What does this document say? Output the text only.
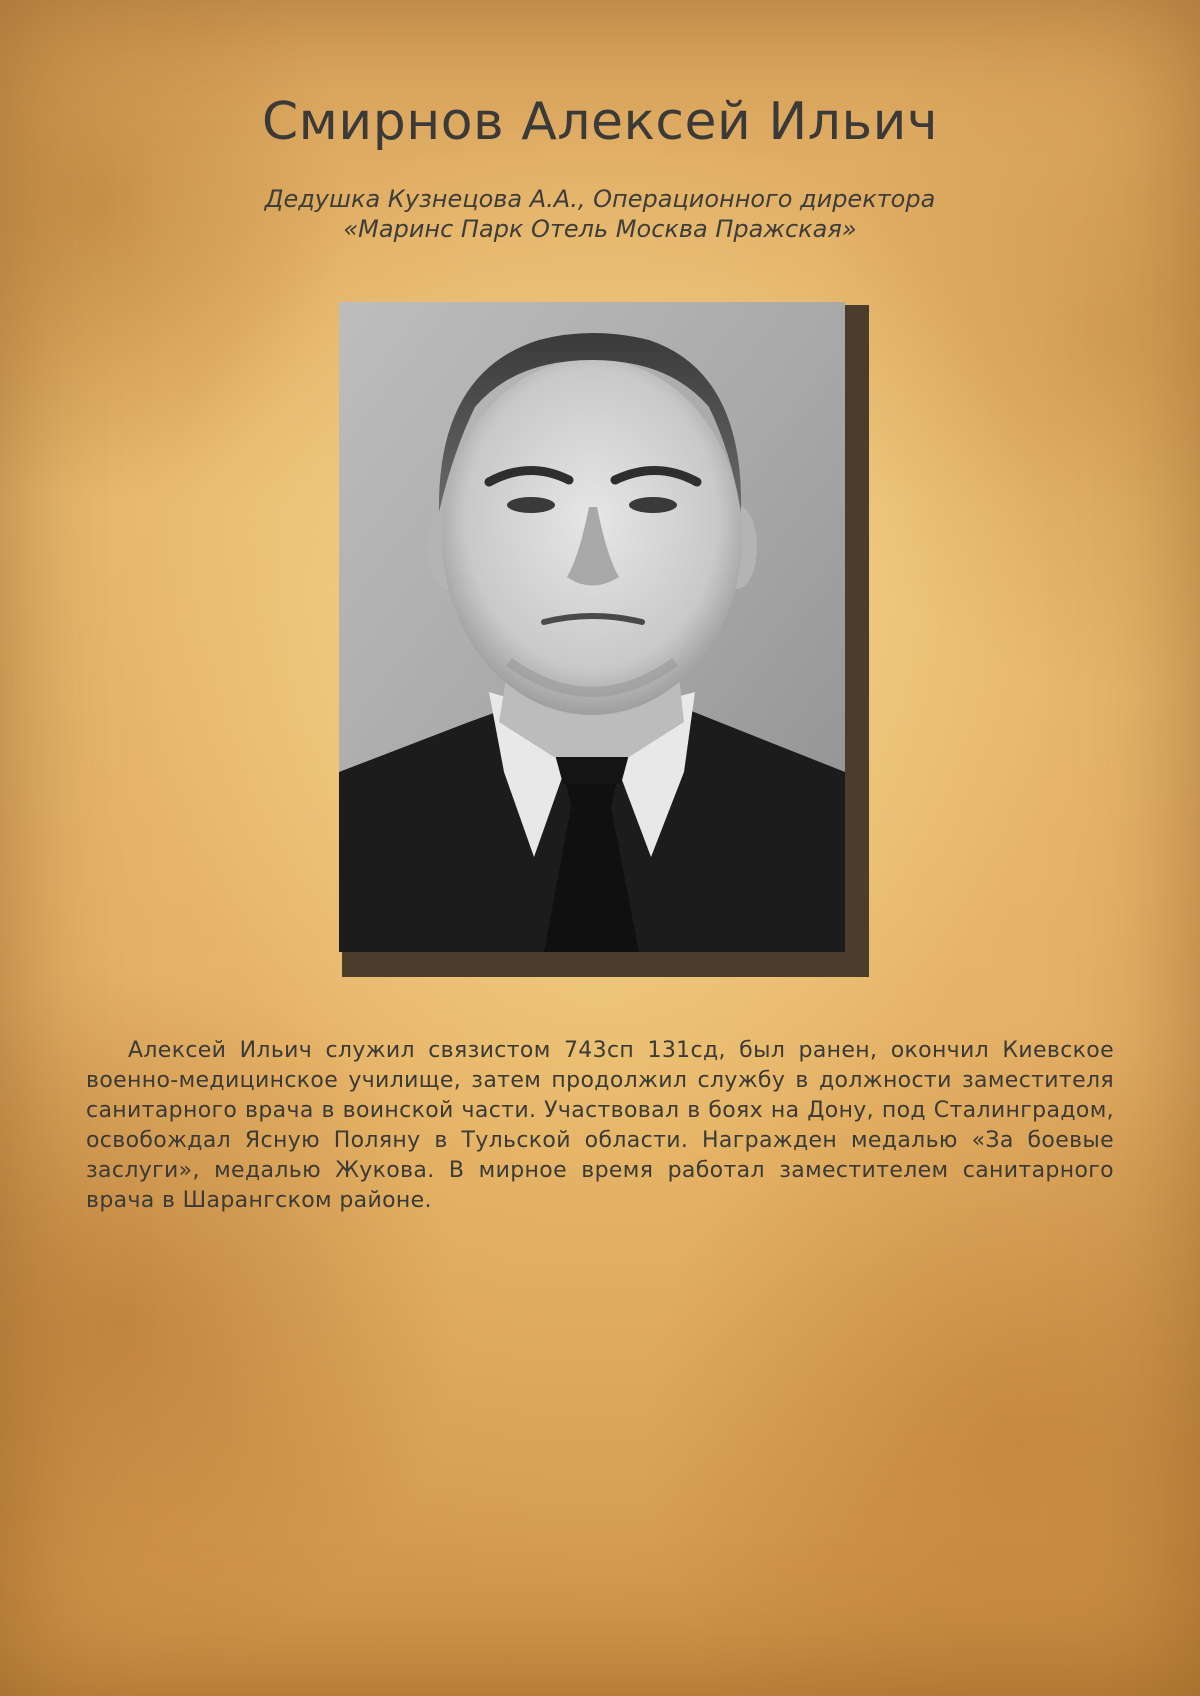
Смирнов Алексей Ильич
Дедушка Кузнецова А.А., Операционного директора
«Маринс Парк Отель Москва Пражская»

Алексей Ильич служил связистом 743сп 131сд, был ранен, окончил Киевское военно-медицинское училище, затем продолжил службу в должности заместителя санитарного врача в воинской части. Участвовал в боях на Дону, под Сталинградом, освобождал Ясную Поляну в Тульской области. Награжден медалью «За боевые заслуги», медалью Жукова. В мирное время работал заместителем санитарного врача в Шарангском районе.
